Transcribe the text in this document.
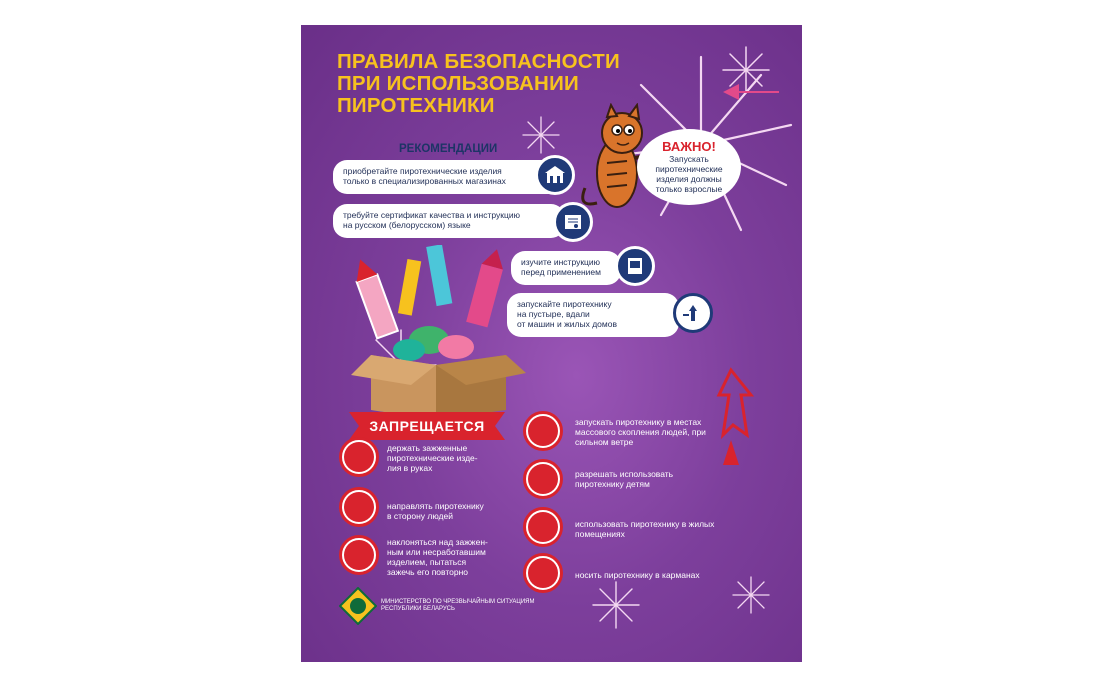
ПРАВИЛА БЕЗОПАСНОСТИ
ПРИ ИСПОЛЬЗОВАНИИ
ПИРОТЕХНИКИ
ВАЖНО!
Запускать
пиротехнические
изделия должны
только взрослые
РЕКОМЕНДАЦИИ
приобретайте пиротехнические изделия
только в специализированных магазинах
требуйте сертификат качества и инструкцию
на русском (белорусском) языке
изучите инструкцию
перед применением
запускайте пиротехнику
на пустыре, вдали
от машин и жилых домов
ЗАПРЕЩАЕТСЯ
держать зажженные
пиротехнические изде-
лия в руках
направлять пиротехнику
в сторону людей
наклоняться над зажжен-
ным или несработавшим
изделием, пытаться
зажечь его повторно
запускать пиротехнику в местах
массового скопления людей, при
сильном ветре
разрешать использовать
пиротехнику детям
использовать пиротехнику в жилых
помещениях
носить пиротехнику в карманах
МИНИСТЕРСТВО ПО ЧРЕЗВЫЧАЙНЫМ СИТУАЦИЯМ
РЕСПУБЛИКИ БЕЛАРУСЬ
